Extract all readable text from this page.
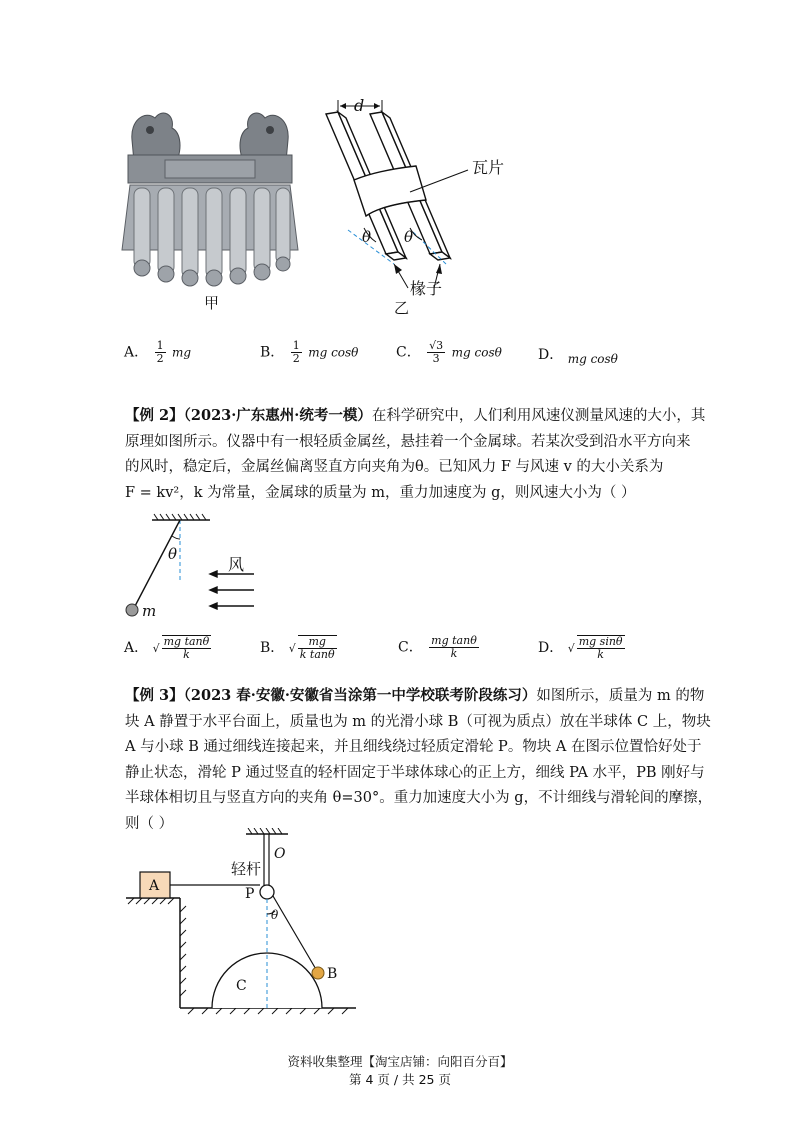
甲
d
瓦片
θ θ
椽子
乙
A． $\frac{1}{2}$ mg	B． $\frac{1}{2}$ mg cosθ	C． $\frac{√3}{3}$ mg cosθ	D． mg cosθ
【例 2】（2023·广东惠州·统考一模）在科学研究中，人们利用风速仪测量风速的大小，其
原理如图所示。仪器中有一根轻质金属丝，悬挂着一个金属球。若某次受到沿水平方向来
的风时，稳定后，金属丝偏离竖直方向夹角为θ。已知风力 F 与风速 v 的大小关系为
F = kv²，k 为常量，金属球的质量为 m，重力加速度为 g，则风速大小为（ ）
θ
m
风
A． √ $\frac{\text{mg tanθ}}{k}$	B． √ $\frac{mg}{\text{k tanθ}}$	C． $\frac{\text{mg tanθ}}{k}$	D． √ $\frac{\text{mg sinθ}}{k}$
【例 3】（2023 春·安徽·安徽省当涂第一中学校联考阶段练习）如图所示，质量为 m 的物
块 A 静置于水平台面上，质量也为 m 的光滑小球 B（可视为质点）放在半球体 C 上，物块
A 与小球 B 通过细线连接起来，并且细线绕过轻质定滑轮 P。物块 A 在图示位置恰好处于
静止状态，滑轮 P 通过竖直的轻杆固定于半球体球心的正上方，细线 PA 水平，PB 刚好与
半球体相切且与竖直方向的夹角 θ=30°。重力加速度大小为 g，不计细线与滑轮间的摩擦，
则（ ）
A
O
轻杆
P
θ
B
C
资料收集整理【淘宝店铺：向阳百分百】
第 4 页 / 共 25 页
